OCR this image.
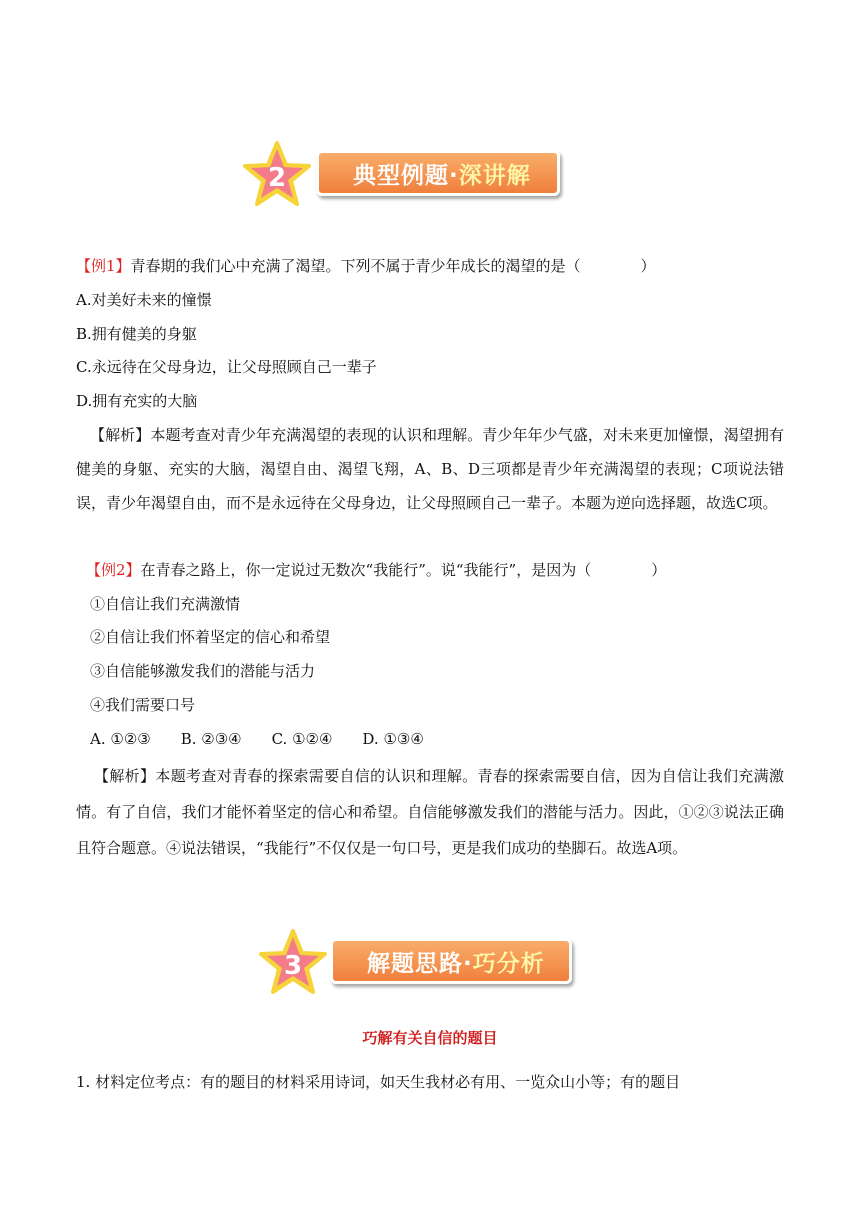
典型例题·深讲解
2
【例1】青春期的我们心中充满了渴望。下列不属于青少年成长的渴望的是（　　　　）
A.对美好未来的憧憬
B.拥有健美的身躯
C.永远待在父母身边，让父母照顾自己一辈子
D.拥有充实的大脑
【解析】本题考查对青少年充满渴望的表现的认识和理解。青少年年少气盛，对未来更加憧憬，渴望拥有健美的身躯、充实的大脑，渴望自由、渴望飞翔，A、B、D三项都是青少年充满渴望的表现；C项说法错误，青少年渴望自由，而不是永远待在父母身边，让父母照顾自己一辈子。本题为逆向选择题，故选C项。
【例2】在青春之路上，你一定说过无数次“我能行”。说“我能行”，是因为（　　　　）
①自信让我们充满激情
②自信让我们怀着坚定的信心和希望
③自信能够激发我们的潜能与活力
④我们需要口号
A. ①②③　　B. ②③④　　C. ①②④　　D. ①③④
【解析】本题考查对青春的探索需要自信的认识和理解。青春的探索需要自信，因为自信让我们充满激情。有了自信，我们才能怀着坚定的信心和希望。自信能够激发我们的潜能与活力。因此，①②③说法正确且符合题意。④说法错误，“我能行”不仅仅是一句口号，更是我们成功的垫脚石。故选A项。
解题思路·巧分析
3
巧解有关自信的题目
1. 材料定位考点：有的题目的材料采用诗词，如天生我材必有用、一览众山小等；有的题目
